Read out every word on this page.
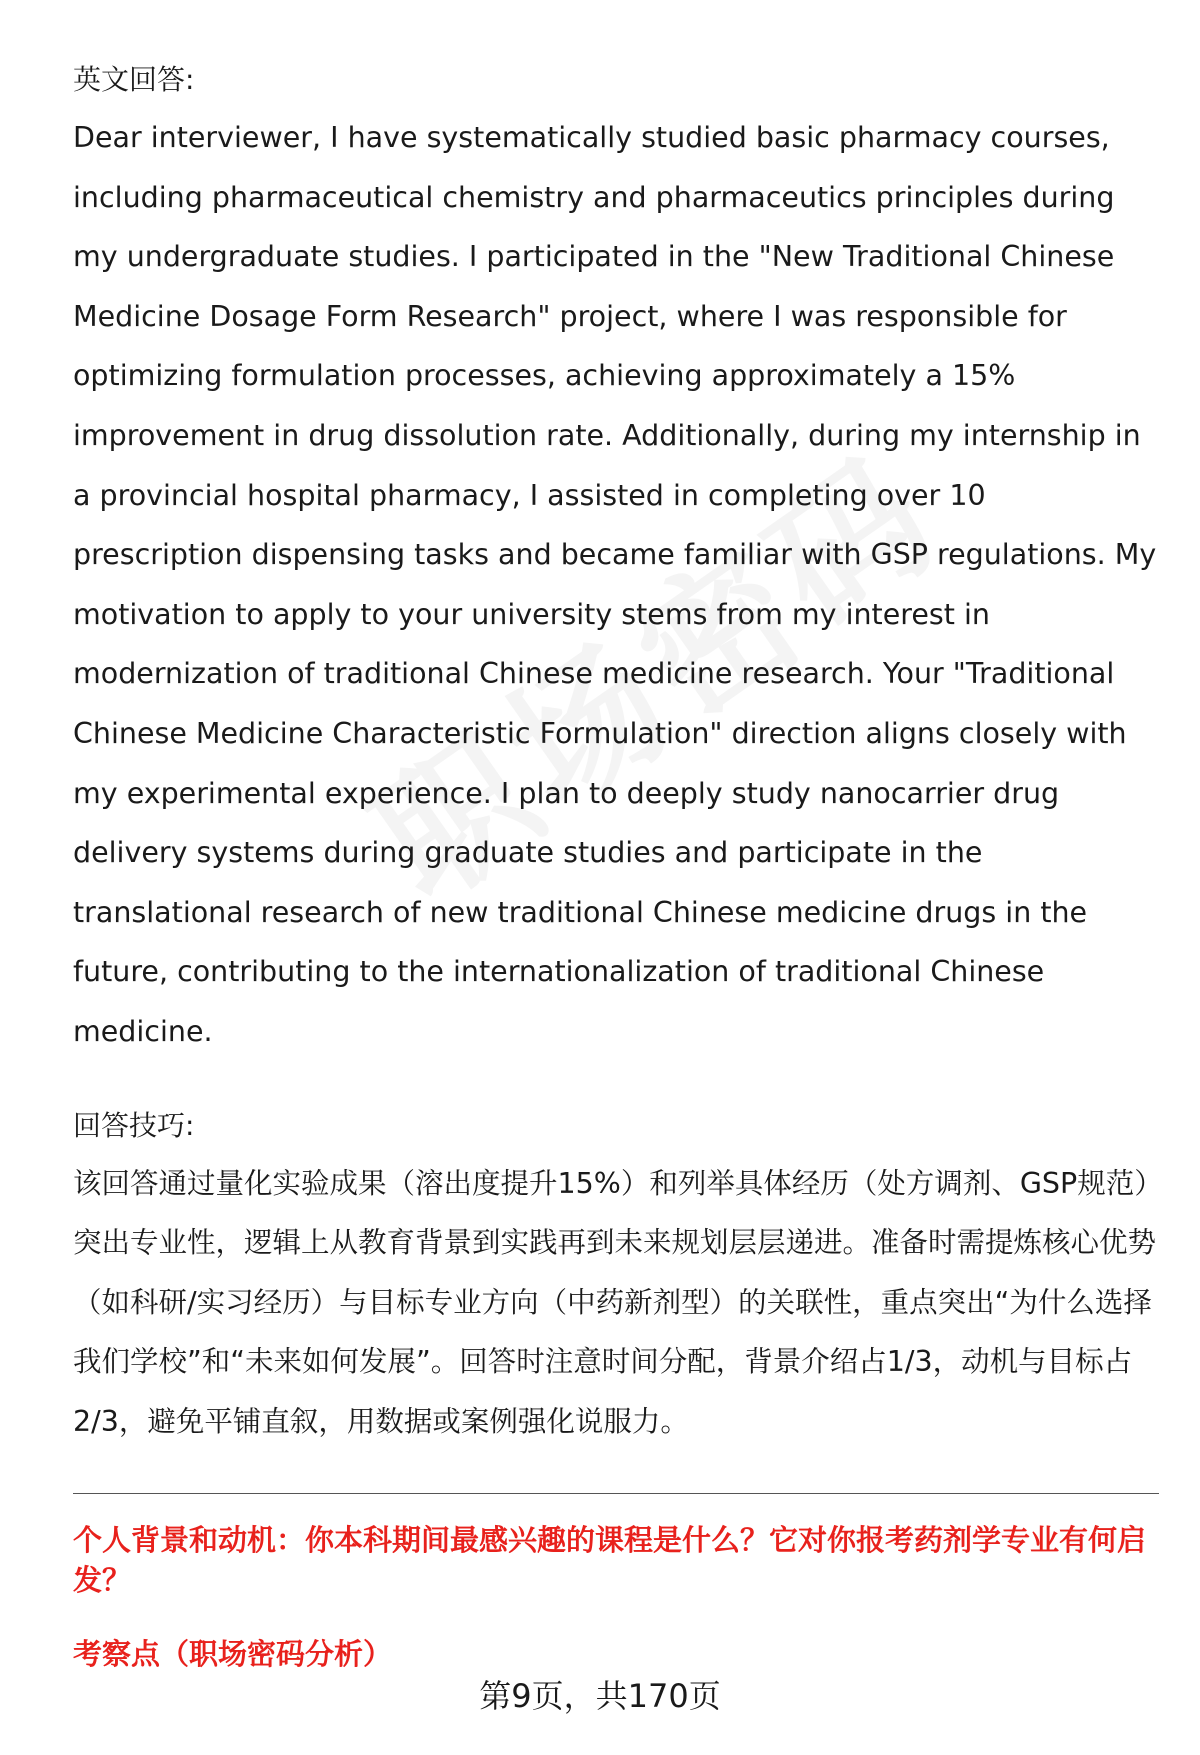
英文回答:

Dear interviewer, I have systematically studied basic pharmacy courses, including pharmaceutical chemistry and pharmaceutics principles during my undergraduate studies. I participated in the "New Traditional Chinese Medicine Dosage Form Research" project, where I was responsible for optimizing formulation processes, achieving approximately a 15% improvement in drug dissolution rate. Additionally, during my internship in a provincial hospital pharmacy, I assisted in completing over 10 prescription dispensing tasks and became familiar with GSP regulations. My motivation to apply to your university stems from my interest in modernization of traditional Chinese medicine research. Your "Traditional Chinese Medicine Characteristic Formulation" direction aligns closely with my experimental experience. I plan to deeply study nanocarrier drug delivery systems during graduate studies and participate in the translational research of new traditional Chinese medicine drugs in the future, contributing to the internationalization of traditional Chinese medicine.

回答技巧:

该回答通过量化实验成果（溶出度提升15%）和列举具体经历（处方调剂、GSP规范）突出专业性，逻辑上从教育背景到实践再到未来规划层层递进。准备时需提炼核心优势（如科研/实习经历）与目标专业方向（中药新剂型）的关联性，重点突出“为什么选择我们学校”和“未来如何发展”。回答时注意时间分配，背景介绍占1/3，动机与目标占2/3，避免平铺直叙，用数据或案例强化说服力。

个人背景和动机：你本科期间最感兴趣的课程是什么？它对你报考药剂学专业有何启发？

考察点（职场密码分析）

第9页，共170页
